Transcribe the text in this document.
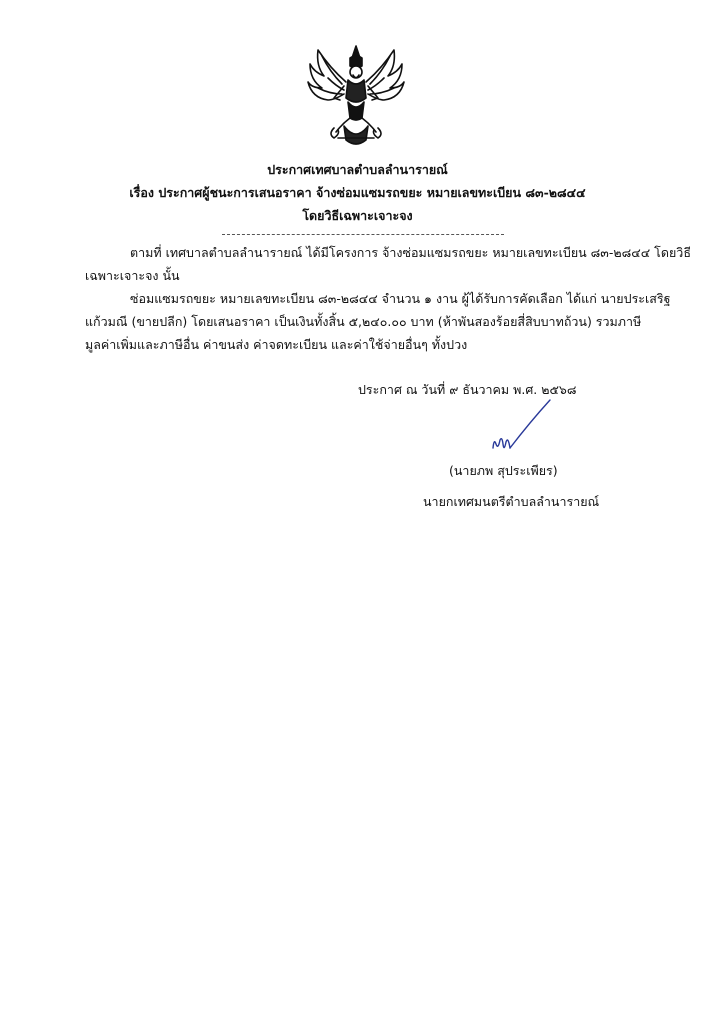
ประกาศเทศบาลตำบลลำนารายณ์
เรื่อง ประกาศผู้ชนะการเสนอราคา จ้างซ่อมแซมรถขยะ หมายเลขทะเบียน ๘๓-๒๘๔๔
โดยวิธีเฉพาะเจาะจง
ตามที่ เทศบาลตำบลลำนารายณ์ ได้มีโครงการ จ้างซ่อมแซมรถขยะ หมายเลขทะเบียน ๘๓-๒๘๔๔ โดยวิธี
เฉพาะเจาะจง นั้น
ซ่อมแซมรถขยะ หมายเลขทะเบียน ๘๓-๒๘๔๔ จำนวน ๑ งาน ผู้ได้รับการคัดเลือก ได้แก่ นายประเสริฐ
แก้วมณี (ขายปลีก) โดยเสนอราคา เป็นเงินทั้งสิ้น ๕,๒๔๐.๐๐ บาท (ห้าพันสองร้อยสี่สิบบาทถ้วน) รวมภาษี
มูลค่าเพิ่มและภาษีอื่น ค่าขนส่ง ค่าจดทะเบียน และค่าใช้จ่ายอื่นๆ ทั้งปวง
ประกาศ ณ วันที่ ๙ ธันวาคม พ.ศ. ๒๕๖๘
(นายภพ สุประเพียร)
นายกเทศมนตรีตำบลลำนารายณ์
